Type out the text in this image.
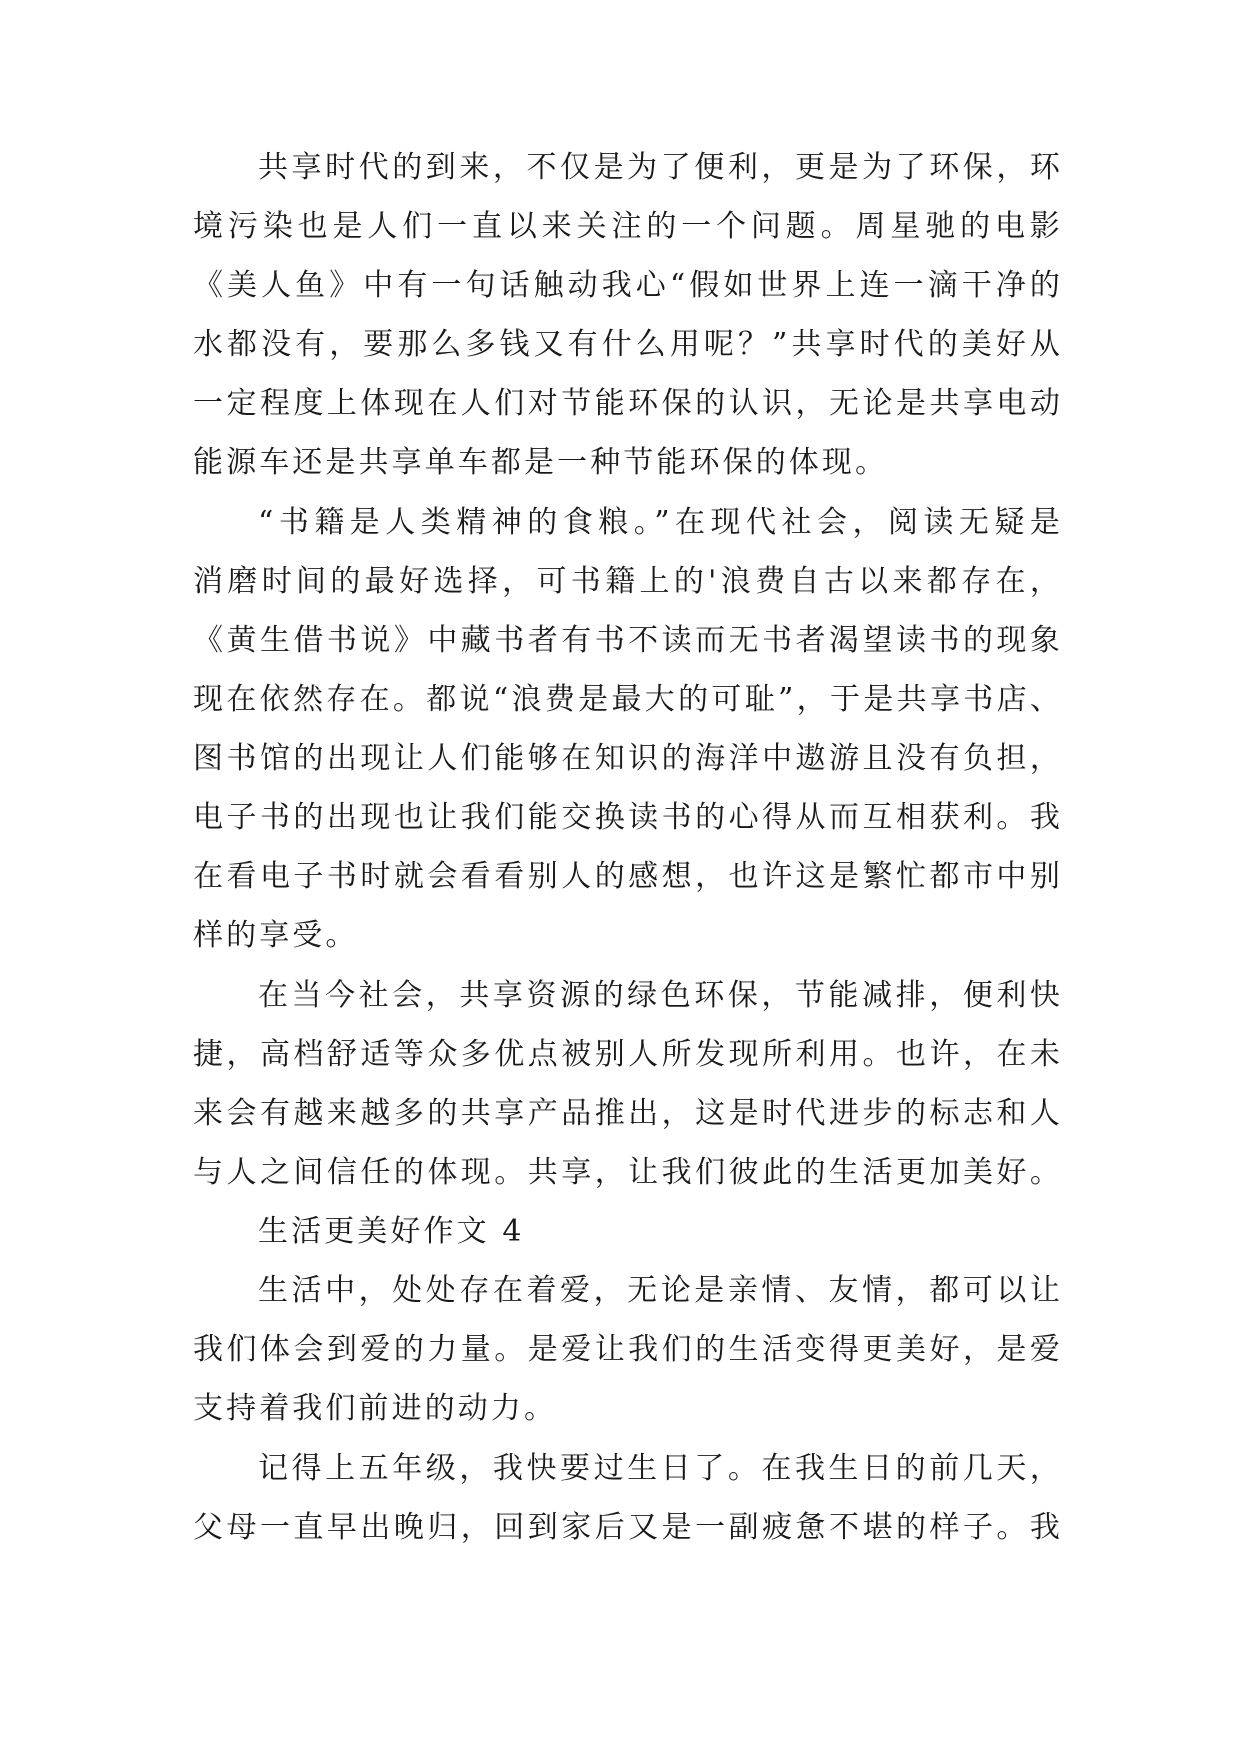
共享时代的到来，不仅是为了便利，更是为了环保，环
境污染也是人们一直以来关注的一个问题。周星驰的电影
《美人鱼》中有一句话触动我心“假如世界上连一滴干净的
水都没有，要那么多钱又有什么用呢？”共享时代的美好从
一定程度上体现在人们对节能环保的认识，无论是共享电动
能源车还是共享单车都是一种节能环保的体现。
“书籍是人类精神的食粮。”在现代社会，阅读无疑是
消磨时间的最好选择，可书籍上的'浪费自古以来都存在，
《黄生借书说》中藏书者有书不读而无书者渴望读书的现象
现在依然存在。都说“浪费是最大的可耻”，于是共享书店、
图书馆的出现让人们能够在知识的海洋中遨游且没有负担，
电子书的出现也让我们能交换读书的心得从而互相获利。我
在看电子书时就会看看别人的感想，也许这是繁忙都市中别
样的享受。
在当今社会，共享资源的绿色环保，节能减排，便利快
捷，高档舒适等众多优点被别人所发现所利用。也许，在未
来会有越来越多的共享产品推出，这是时代进步的标志和人
与人之间信任的体现。共享，让我们彼此的生活更加美好。
生活更美好作文 4
生活中，处处存在着爱，无论是亲情、友情，都可以让
我们体会到爱的力量。是爱让我们的生活变得更美好，是爱
支持着我们前进的动力。
记得上五年级，我快要过生日了。在我生日的前几天，
父母一直早出晚归，回到家后又是一副疲惫不堪的样子。我
